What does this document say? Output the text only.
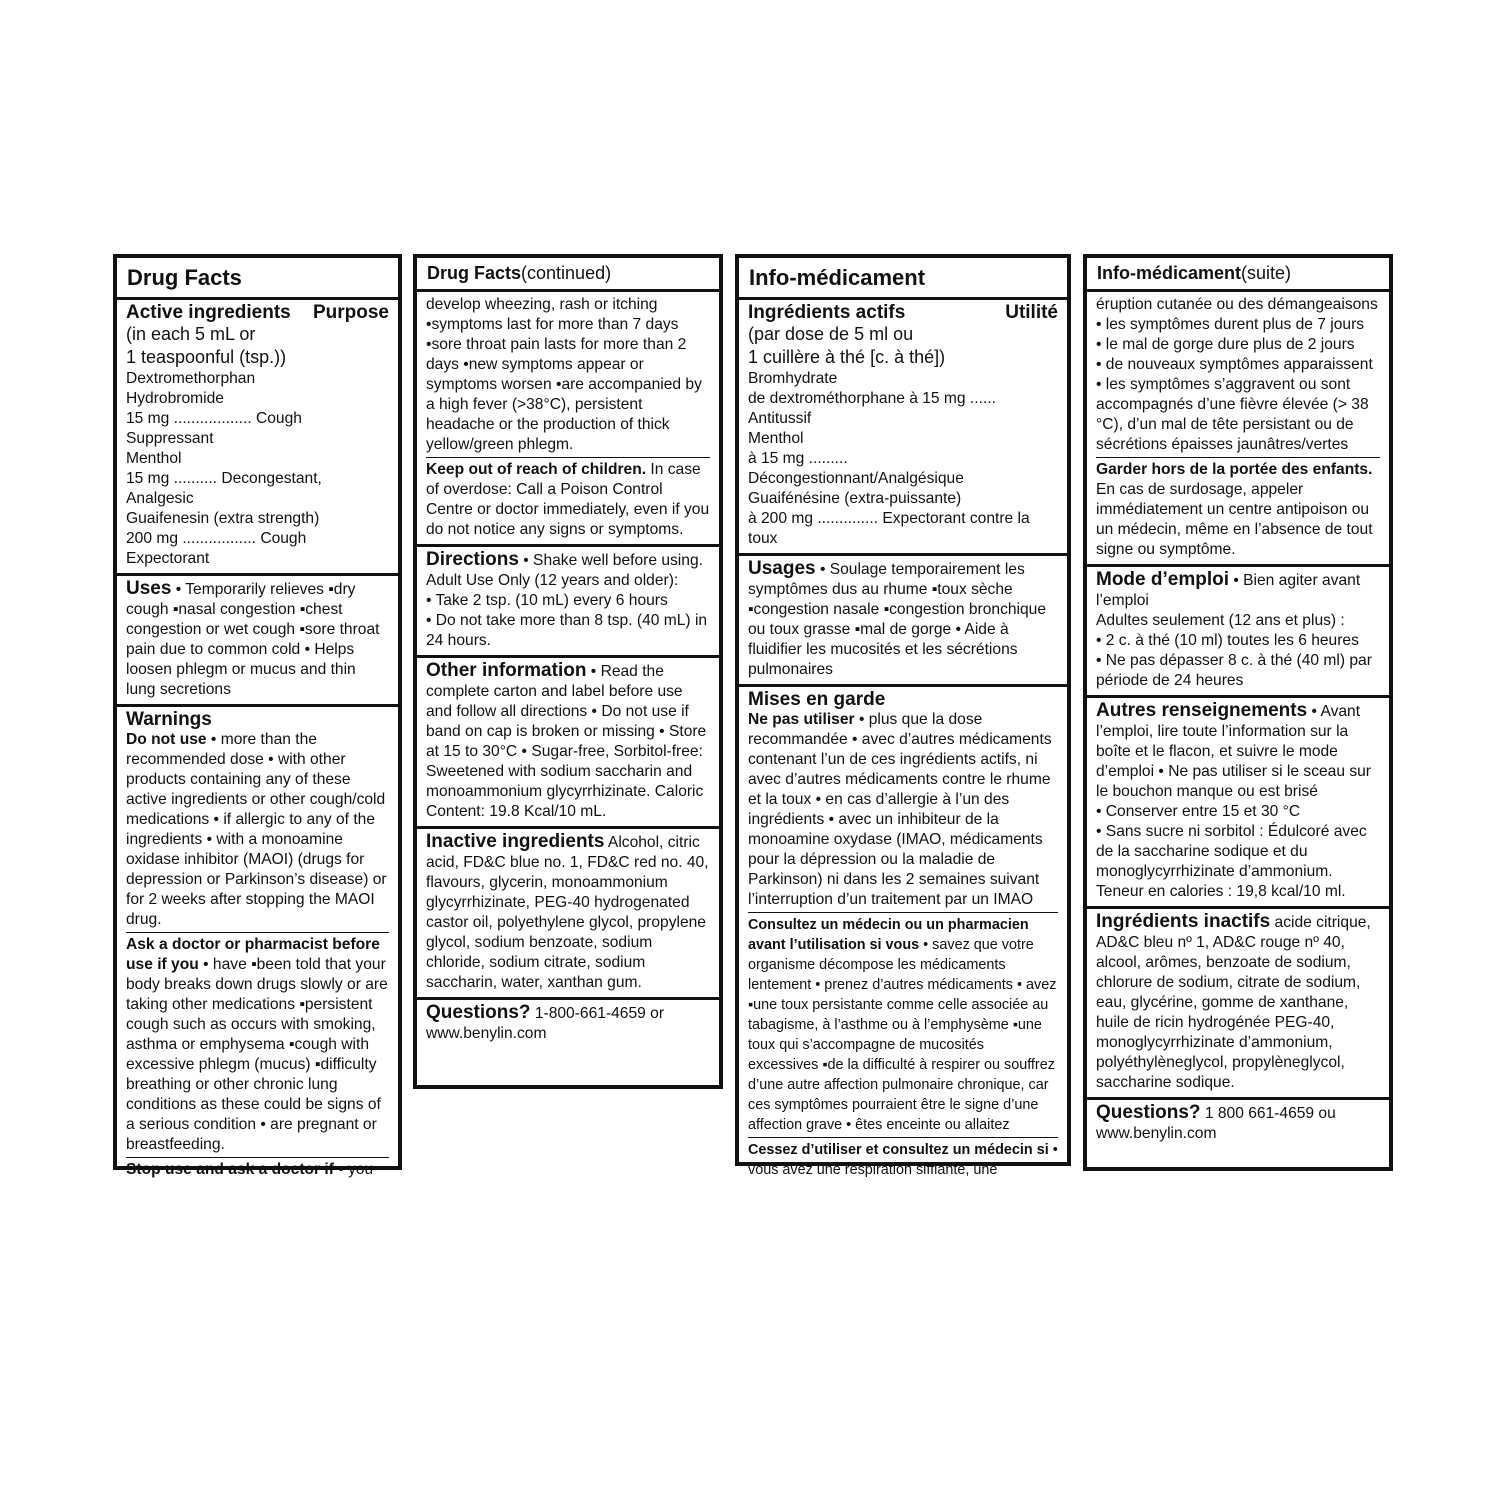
Drug Facts
Active ingredients Purpose
(in each 5 mL or
1 teaspoonful (tsp.))
Dextromethorphan
Hydrobromide
15 mg .................. Cough Suppressant
Menthol
15 mg .......... Decongestant, Analgesic
Guaifenesin (extra strength)
200 mg ................. Cough Expectorant
Uses • Temporarily relieves ▪dry cough ▪nasal congestion ▪chest congestion or wet cough ▪sore throat pain due to common cold • Helps loosen phlegm or mucus and thin lung secretions
Warnings
Do not use • more than the recommended dose • with other products containing any of these active ingredients or other cough/cold medications • if allergic to any of the ingredients • with a monoamine oxidase inhibitor (MAOI) (drugs for depression or Parkinson’s disease) or for 2 weeks after stopping the MAOI drug.
Ask a doctor or pharmacist before use if you • have ▪been told that your body breaks down drugs slowly or are taking other medications ▪persistent cough such as occurs with smoking, asthma or emphysema ▪cough with excessive phlegm (mucus) ▪difficulty breathing or other chronic lung conditions as these could be signs of a serious condition • are pregnant or breastfeeding.
Stop use and ask a doctor if • you
Drug Facts (continued)
develop wheezing, rash or itching •symptoms last for more than 7 days •sore throat pain lasts for more than 2 days •new symptoms appear or symptoms worsen •are accompanied by a high fever (>38°C), persistent headache or the production of thick yellow/green phlegm.
Keep out of reach of children. In case of overdose: Call a Poison Control Centre or doctor immediately, even if you do not notice any signs or symptoms.
Directions • Shake well before using.
Adult Use Only (12 years and older):
• Take 2 tsp. (10 mL) every 6 hours
• Do not take more than 8 tsp. (40 mL) in 24 hours.
Other information • Read the complete carton and label before use and follow all directions • Do not use if band on cap is broken or missing • Store at 15 to 30°C • Sugar-free, Sorbitol-free: Sweetened with sodium saccharin and monoammonium glycyrrhizinate. Caloric Content: 19.8 Kcal/10 mL.
Inactive ingredients Alcohol, citric acid, FD&C blue no. 1, FD&C red no. 40, flavours, glycerin, monoammonium glycyrrhizinate, PEG-40 hydrogenated castor oil, polyethylene glycol, propylene glycol, sodium benzoate, sodium chloride, sodium citrate, sodium saccharin, water, xanthan gum.
Questions? 1-800-661-4659 or www.benylin.com
Info-médicament
Ingrédients actifs	Utilité
(par dose de 5 ml ou
1 cuillère à thé [c. à thé])
Bromhydrate
de dextrométhorphane à 15 mg ...... Antitussif
Menthol
à 15 mg ......... Décongestionnant/Analgésique
Guaifénésine (extra-puissante)
à 200 mg .............. Expectorant contre la toux
Usages • Soulage temporairement les symptômes dus au rhume ▪toux sèche ▪congestion nasale ▪congestion bronchique ou toux grasse ▪mal de gorge • Aide à fluidifier les mucosités et les sécrétions pulmonaires
Mises en garde
Ne pas utiliser • plus que la dose recommandée • avec d’autres médicaments contenant l’un de ces ingrédients actifs, ni avec d’autres médicaments contre le rhume et la toux • en cas d’allergie à l’un des ingrédients • avec un inhibiteur de la monoamine oxydase (IMAO, médicaments pour la dépression ou la maladie de Parkinson) ni dans les 2 semaines suivant l’interruption d’un traitement par un IMAO
Consultez un médecin ou un pharmacien avant l’utilisation si vous • savez que votre organisme décompose les médicaments lentement • prenez d’autres médicaments • avez ▪une toux persistante comme celle associée au tabagisme, à l’asthme ou à l’emphysème ▪une toux qui s’accompagne de mucosités excessives ▪de la difficulté à respirer ou souffrez d’une autre affection pulmonaire chronique, car ces symptômes pourraient être le signe d’une affection grave • êtes enceinte ou allaitez
Cessez d’utiliser et consultez un médecin si • vous avez une respiration sifflante, une
Info-médicament (suite)
éruption cutanée ou des démangeaisons
• les symptômes durent plus de 7 jours
• le mal de gorge dure plus de 2 jours
• de nouveaux symptômes apparaissent
• les symptômes s’aggravent ou sont accompagnés d’une fièvre élevée (> 38 °C), d’un mal de tête persistant ou de sécrétions épaisses jaunâtres/vertes
Garder hors de la portée des enfants.
En cas de surdosage, appeler immédiatement un centre antipoison ou un médecin, même en l’absence de tout signe ou symptôme.
Mode d’emploi • Bien agiter avant l’emploi
Adultes seulement (12 ans et plus) :
• 2 c. à thé (10 ml) toutes les 6 heures
• Ne pas dépasser 8 c. à thé (40 ml) par période de 24 heures
Autres renseignements • Avant l’emploi, lire toute l’information sur la boîte et le flacon, et suivre le mode d’emploi • Ne pas utiliser si le sceau sur le bouchon manque ou est brisé
• Conserver entre 15 et 30 °C
• Sans sucre ni sorbitol : Édulcoré avec de la saccharine sodique et du monoglycyrrhizinate d’ammonium. Teneur en calories : 19,8 kcal/10 ml.
Ingrédients inactifs acide citrique, AD&C bleu nº 1, AD&C rouge nº 40, alcool, arômes, benzoate de sodium, chlorure de sodium, citrate de sodium, eau, glycérine, gomme de xanthane, huile de ricin hydrogénée PEG-40, monoglycyrrhizinate d’ammonium, polyéthylèneglycol, propylèneglycol, saccharine sodique.
Questions? 1 800 661-4659 ou www.benylin.com
